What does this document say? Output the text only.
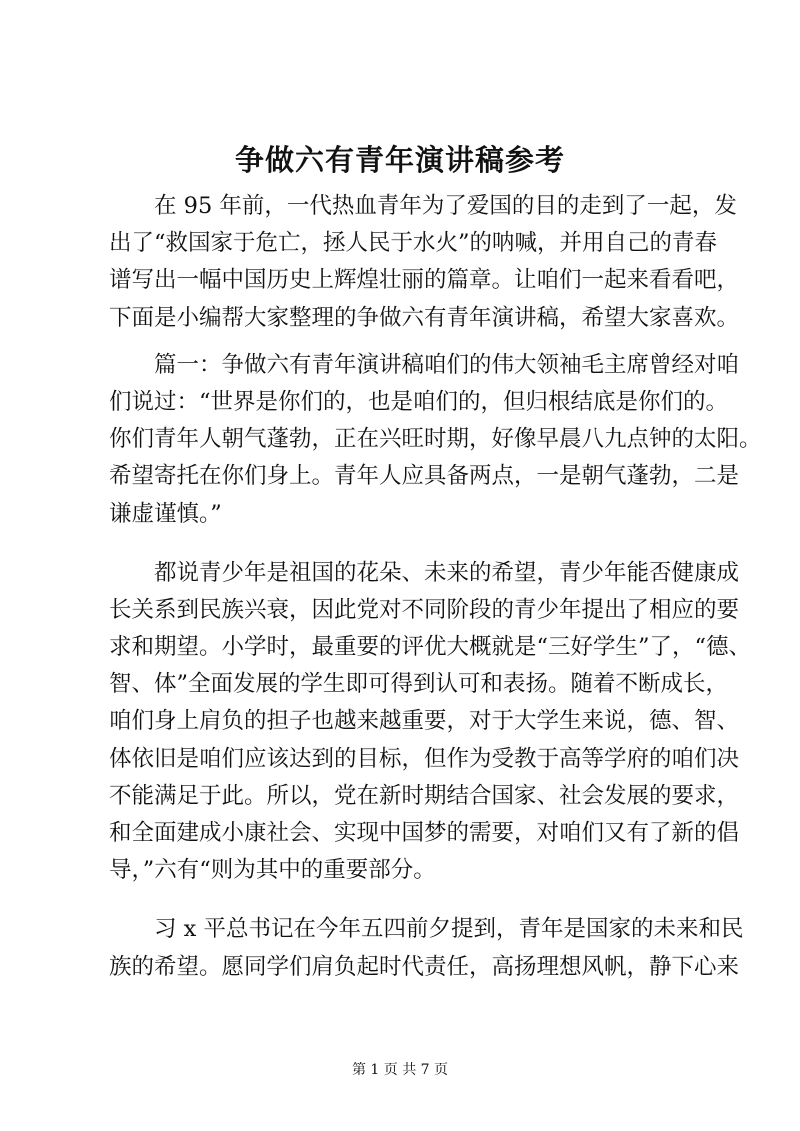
争做六有青年演讲稿参考
在 95 年前，一代热血青年为了爱国的目的走到了一起，发
出了“救国家于危亡，拯人民于水火”的呐喊，并用自己的青春
谱写出一幅中国历史上辉煌壮丽的篇章。让咱们一起来看看吧，
下面是小编帮大家整理的争做六有青年演讲稿，希望大家喜欢。
篇一：争做六有青年演讲稿咱们的伟大领袖毛主席曾经对咱
们说过：“世界是你们的，也是咱们的，但归根结底是你们的。
你们青年人朝气蓬勃，正在兴旺时期，好像早晨八九点钟的太阳。
希望寄托在你们身上。青年人应具备两点，一是朝气蓬勃，二是
谦虚谨慎。”
都说青少年是祖国的花朵、未来的希望，青少年能否健康成
长关系到民族兴衰，因此党对不同阶段的青少年提出了相应的要
求和期望。小学时，最重要的评优大概就是“三好学生”了，“德、
智、体”全面发展的学生即可得到认可和表扬。随着不断成长，
咱们身上肩负的担子也越来越重要，对于大学生来说，德、智、
体依旧是咱们应该达到的目标，但作为受教于高等学府的咱们决
不能满足于此。所以，党在新时期结合国家、社会发展的要求，
和全面建成小康社会、实现中国梦的需要，对咱们又有了新的倡
导，”六有“则为其中的重要部分。
习 x 平总书记在今年五四前夕提到，青年是国家的未来和民
族的希望。愿同学们肩负起时代责任，高扬理想风帆，静下心来
第 1 页 共 7 页
